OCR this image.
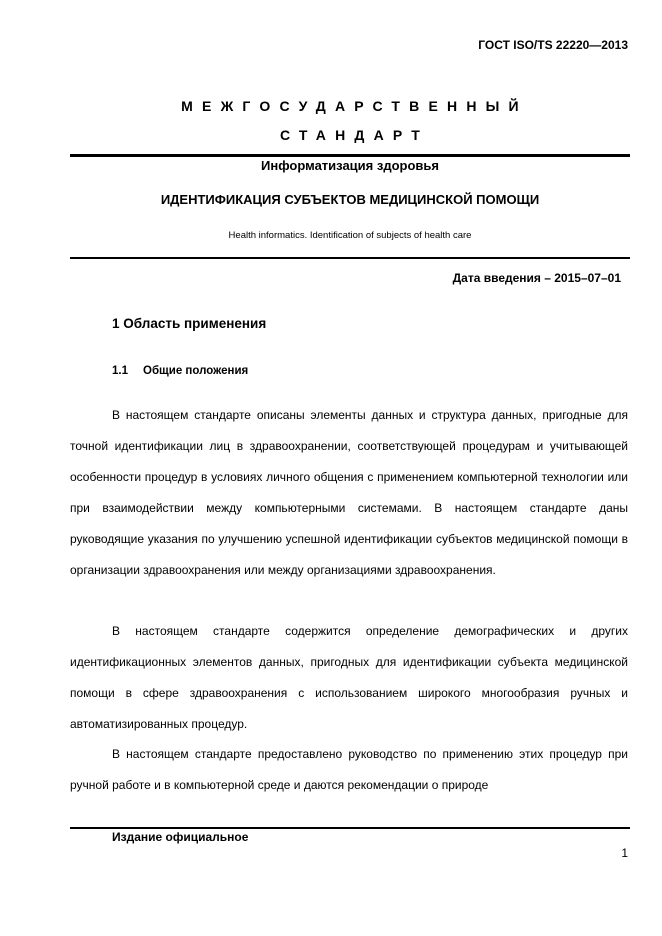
ГОСТ ISO/TS 22220—2013
МЕЖГОСУДАРСТВЕННЫЙ
СТАНДАРТ
Информатизация здоровья
ИДЕНТИФИКАЦИЯ СУБЪЕКТОВ МЕДИЦИНСКОЙ ПОМОЩИ
Health informatics. Identification of subjects of health care
Дата введения – 2015–07–01
1 Область применения
1.1 Общие положения
В настоящем стандарте описаны элементы данных и структура данных, пригодные для точной идентификации лиц в здравоохранении, соответствующей процедурам и учитывающей особенности процедур в условиях личного общения с применением компьютерной технологии или при взаимодействии между компьютерными системами. В настоящем стандарте даны руководящие указания по улучшению успешной идентификации субъектов медицинской помощи в организации здравоохранения или между организациями здравоохранения.
В настоящем стандарте содержится определение демографических и других идентификационных элементов данных, пригодных для идентификации субъекта медицинской помощи в сфере здравоохранения с использованием широкого многообразия ручных и автоматизированных процедур.
В настоящем стандарте предоставлено руководство по применению этих процедур при ручной работе и в компьютерной среде и даются рекомендации о природе
Издание официальное
1
